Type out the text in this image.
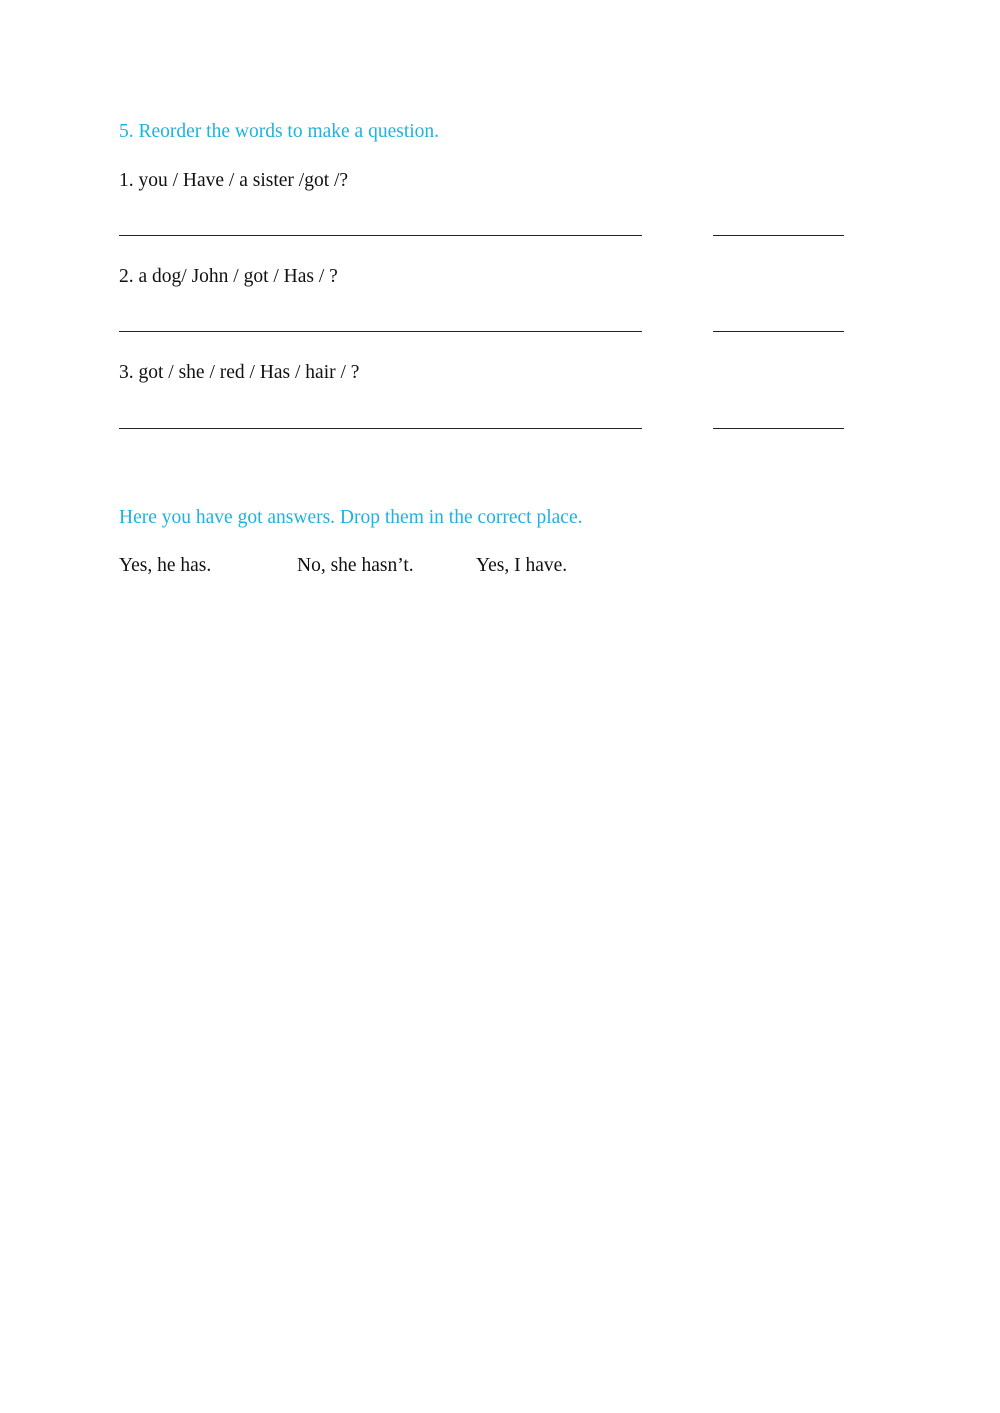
5. Reorder the words to make a question.
1. you / Have / a sister /got /?
2. a dog/ John / got / Has / ?
3. got / she / red / Has / hair / ?
Here you have got answers. Drop them in the correct place.
Yes, he has.	No, she hasn’t.	Yes, I have.
